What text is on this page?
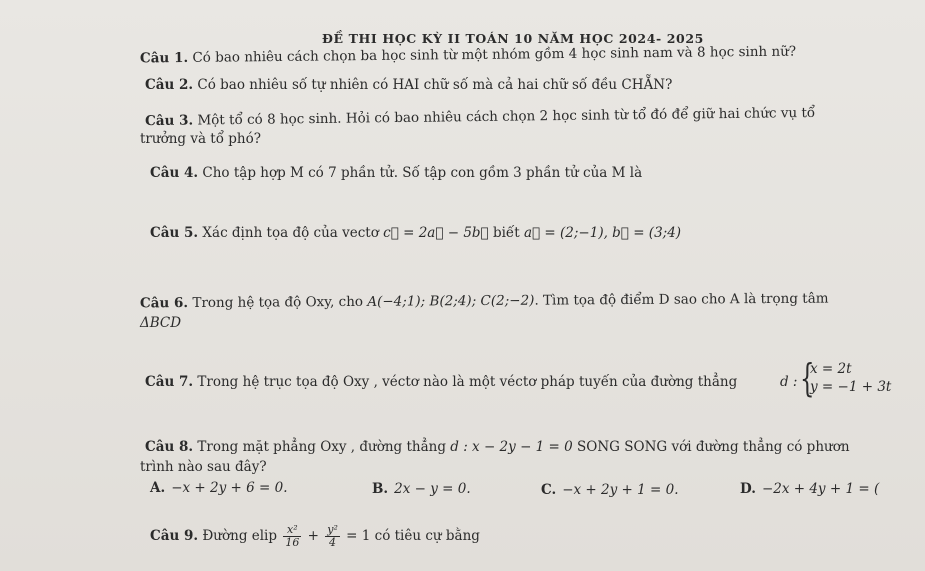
ĐỀ THI HỌC KỲ II TOÁN 10 NĂM HỌC 2024- 2025
Câu 1. Có bao nhiêu cách chọn ba học sinh từ một nhóm gồm 4 học sinh nam và 8 học sinh nữ?
Câu 2. Có bao nhiêu số tự nhiên có HAI chữ số mà cả hai chữ số đều CHẴN?
Câu 3. Một tổ có 8 học sinh. Hỏi có bao nhiêu cách chọn 2 học sinh từ tổ đó để giữ hai chức vụ tổ
trưởng và tổ phó?
Câu 4. Cho tập hợp M có 7 phần tử. Số tập con gồm 3 phần tử của M là
Câu 5. Xác định tọa độ của vectơ c⃗ = 2a⃗ − 5b⃗ biết a⃗ = (2;−1), b⃗ = (3;4)
Câu 6. Trong hệ tọa độ Oxy, cho A(−4;1); B(2;4); C(2;−2). Tìm tọa độ điểm D sao cho A là trọng tâm
ΔBCD
Câu 7. Trong hệ trục tọa độ Oxy , véctơ nào là một véctơ pháp tuyến của đường thẳng	d : {
x = 2t
y = −1 + 3t
Câu 8. Trong mặt phẳng Oxy , đường thẳng d : x − 2y − 1 = 0 SONG SONG với đường thẳng có phươn
trình nào sau đây?
A. −x + 2y + 6 = 0.	B. 2x − y = 0.	C. −x + 2y + 1 = 0.	D. −2x + 4y + 1 = (
Câu 9. Đường elip $\frac{\text{x²}}{16} + \frac{\text{y²}}{4} = 1$ có tiêu cự bằng
